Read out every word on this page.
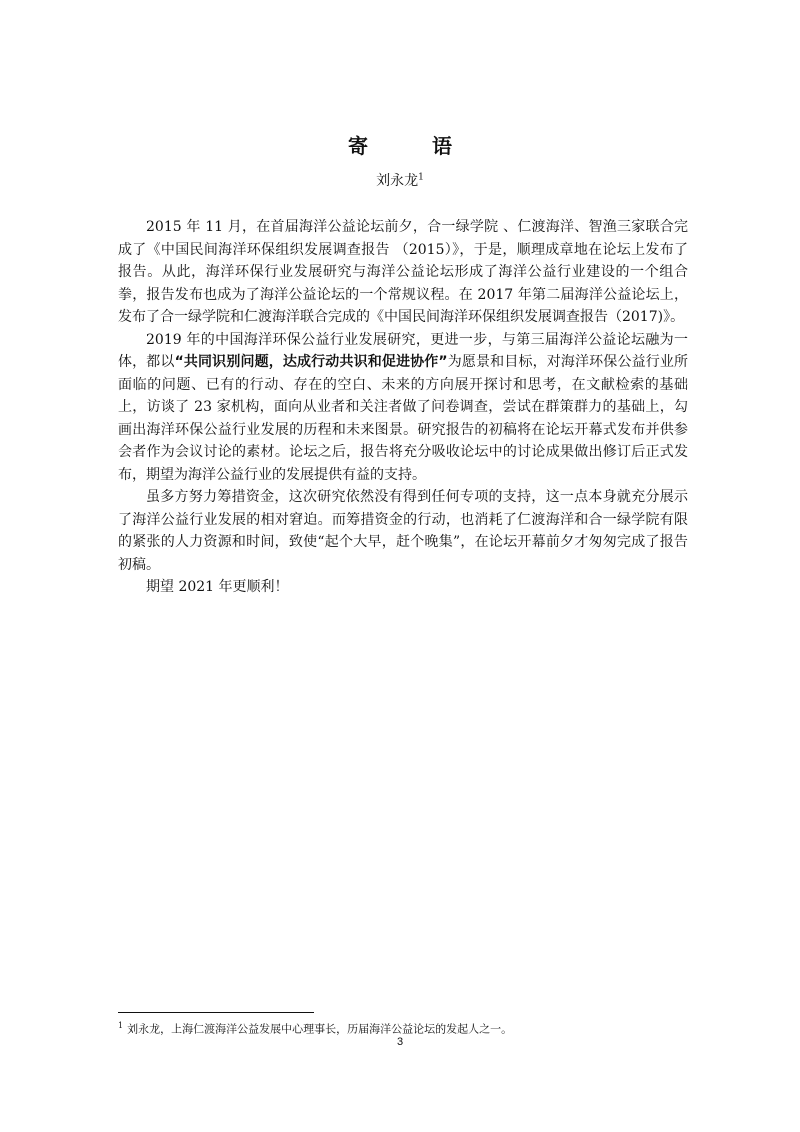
寄　语
刘永龙$^1$

2015 年 11 月，在首届海洋公益论坛前夕，合一绿学院 、仁渡海洋、智渔三家联合完成了《中国民间海洋环保组织发展调查报告 （2015）》，于是，顺理成章地在论坛上发布了报告。从此，海洋环保行业发展研究与海洋公益论坛形成了海洋公益行业建设的一个组合拳，报告发布也成为了海洋公益论坛的一个常规议程。在 2017 年第二届海洋公益论坛上，发布了合一绿学院和仁渡海洋联合完成的《中国民间海洋环保组织发展调查报告（2017)》。

2019 年的中国海洋环保公益行业发展研究，更进一步，与第三届海洋公益论坛融为一体，都以“共同识别问题，达成行动共识和促进协作”为愿景和目标，对海洋环保公益行业所面临的问题、已有的行动、存在的空白、未来的方向展开探讨和思考，在文献检索的基础上，访谈了 23 家机构，面向从业者和关注者做了问卷调查，尝试在群策群力的基础上，勾画出海洋环保公益行业发展的历程和未来图景。研究报告的初稿将在论坛开幕式发布并供参会者作为会议讨论的素材。论坛之后，报告将充分吸收论坛中的讨论成果做出修订后正式发布，期望为海洋公益行业的发展提供有益的支持。

虽多方努力筹措资金，这次研究依然没有得到任何专项的支持，这一点本身就充分展示了海洋公益行业发展的相对窘迫。而筹措资金的行动，也消耗了仁渡海洋和合一绿学院有限的紧张的人力资源和时间，致使“起个大早，赶个晚集”，在论坛开幕前夕才匆匆完成了报告初稿。

期望 2021 年更顺利！

$^1$ 刘永龙，上海仁渡海洋公益发展中心理事长，历届海洋公益论坛的发起人之一。
3
